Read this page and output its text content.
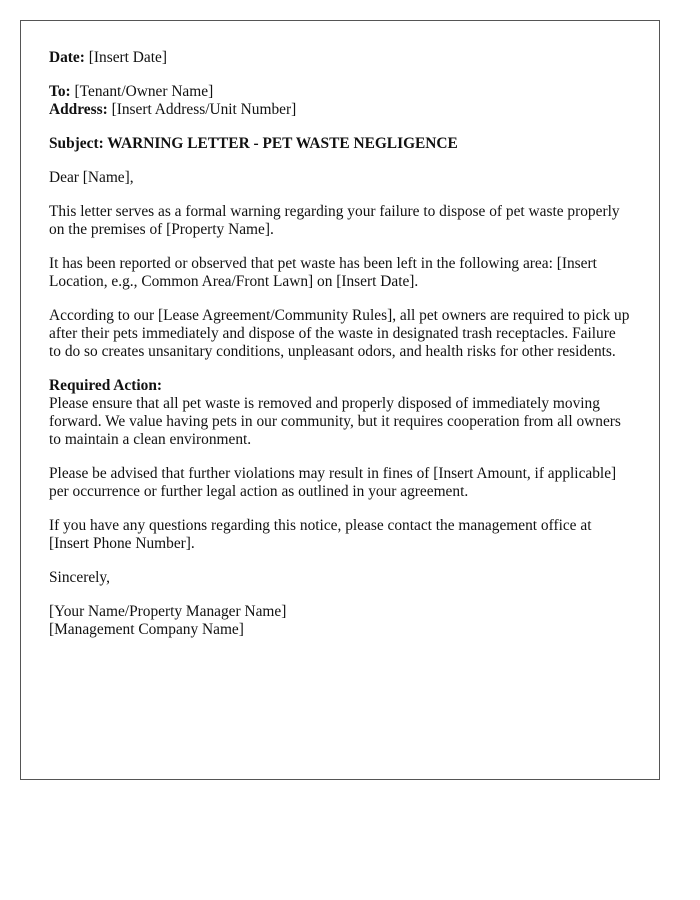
Date: [Insert Date]
To: [Tenant/Owner Name]
Address: [Insert Address/Unit Number]
Subject: WARNING LETTER - PET WASTE NEGLIGENCE

Dear [Name],

This letter serves as a formal warning regarding your failure to dispose of pet waste properly on the premises of [Property Name].

It has been reported or observed that pet waste has been left in the following area: [Insert Location, e.g., Common Area/Front Lawn] on [Insert Date].

According to our [Lease Agreement/Community Rules], all pet owners are required to pick up after their pets immediately and dispose of the waste in designated trash receptacles. Failure to do so creates unsanitary conditions, unpleasant odors, and health risks for other residents.

Required Action:
Please ensure that all pet waste is removed and properly disposed of immediately moving forward. We value having pets in our community, but it requires cooperation from all owners to maintain a clean environment.

Please be advised that further violations may result in fines of [Insert Amount, if applicable] per occurrence or further legal action as outlined in your agreement.

If you have any questions regarding this notice, please contact the management office at [Insert Phone Number].

Sincerely,

[Your Name/Property Manager Name]
[Management Company Name]
